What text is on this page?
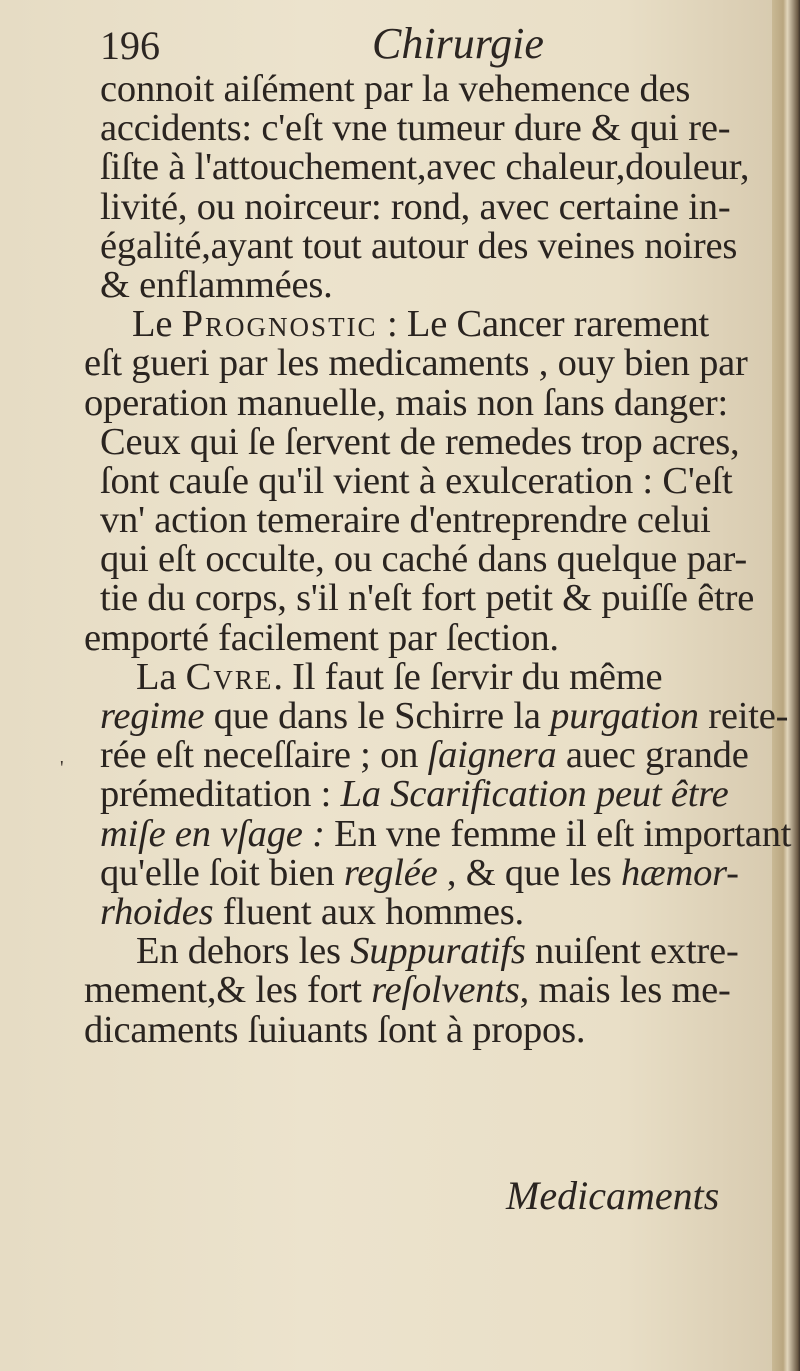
196	Chirurgie
'
connoit aiſément par la vehemence des
accidents: c'eſt vne tumeur dure & qui re-
ſiſte à l'attouchement,avec chaleur,douleur,
livité, ou noirceur: rond, avec certaine in-
égalité,ayant tout autour des veines noires
& enflammées.
Le Prognostic : Le Cancer rarement
eſt gueri par les medicaments , ouy bien par
operation manuelle, mais non ſans danger:
Ceux qui ſe ſervent de remedes trop acres,
ſont cauſe qu'il vient à exulceration : C'eſt
vn' action temeraire d'entreprendre celui
qui eſt occulte, ou caché dans quelque par-
tie du corps, s'il n'eſt fort petit & puiſſe être
emporté facilement par ſection.
La Cvre. Il faut ſe ſervir du même
regime que dans le Schirre la purgation reite-
rée eſt neceſſaire ; on ſaignera auec grande
prémeditation : La Scarification peut être
miſe en vſage : En vne femme il eſt important
qu'elle ſoit bien reglée , & que les hæmor-
rhoides fluent aux hommes.
En dehors les Suppuratifs nuiſent extre-
mement,& les fort reſolvents, mais les me-
dicaments ſuiuants ſont à propos.
Medicaments
